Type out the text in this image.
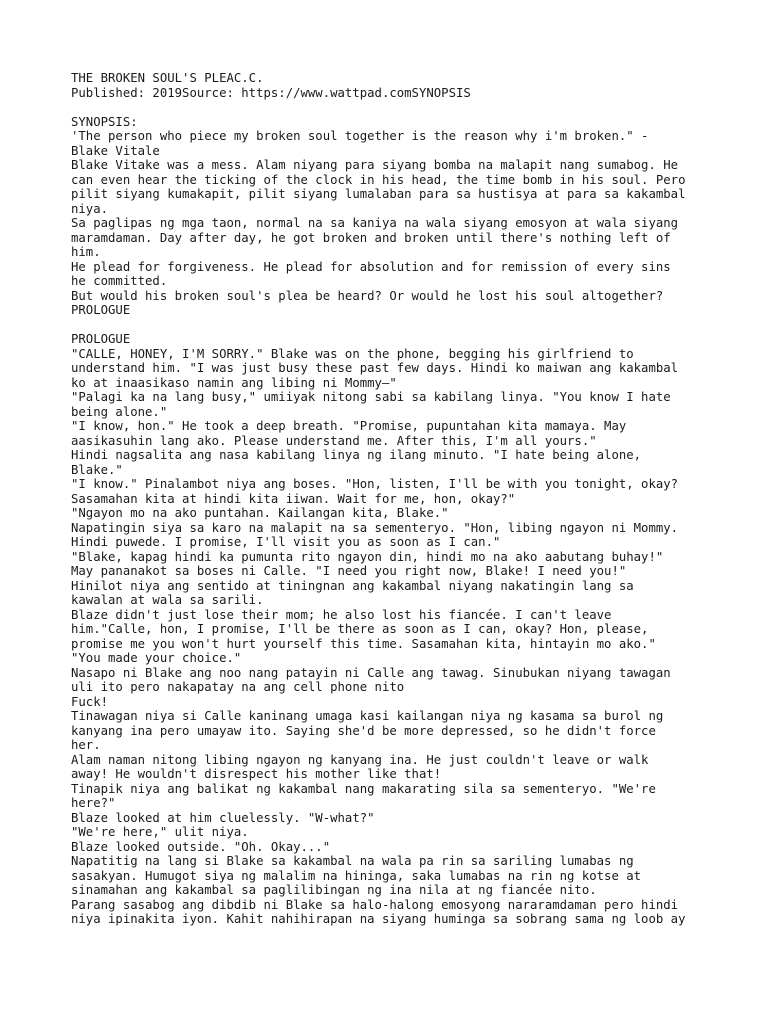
THE BROKEN SOUL'S PLEAC.C.
Published: 2019Source: https://www.wattpad.comSYNOPSIS

SYNOPSIS:
'The person who piece my broken soul together is the reason why i'm broken." -
Blake Vitale
Blake Vitake was a mess. Alam niyang para siyang bomba na malapit nang sumabog. He
can even hear the ticking of the clock in his head, the time bomb in his soul. Pero
pilit siyang kumakapit, pilit siyang lumalaban para sa hustisya at para sa kakambal
niya.
Sa paglipas ng mga taon, normal na sa kaniya na wala siyang emosyon at wala siyang
maramdaman. Day after day, he got broken and broken until there's nothing left of
him.
He plead for forgiveness. He plead for absolution and for remission of every sins
he committed.
But would his broken soul's plea be heard? Or would he lost his soul altogether?
PROLOGUE

PROLOGUE
"CALLE, HONEY, I'M SORRY." Blake was on the phone, begging his girlfriend to
understand him. "I was just busy these past few days. Hindi ko maiwan ang kakambal
ko at inaasikaso namin ang libing ni Mommy—"
"Palagi ka na lang busy," umiiyak nitong sabi sa kabilang linya. "You know I hate
being alone."
"I know, hon." He took a deep breath. "Promise, pupuntahan kita mamaya. May
aasikasuhin lang ako. Please understand me. After this, I'm all yours."
Hindi nagsalita ang nasa kabilang linya ng ilang minuto. "I hate being alone,
Blake."
"I know." Pinalambot niya ang boses. "Hon, listen, I'll be with you tonight, okay?
Sasamahan kita at hindi kita iiwan. Wait for me, hon, okay?"
"Ngayon mo na ako puntahan. Kailangan kita, Blake."
Napatingin siya sa karo na malapit na sa sementeryo. "Hon, libing ngayon ni Mommy.
Hindi puwede. I promise, I'll visit you as soon as I can."
"Blake, kapag hindi ka pumunta rito ngayon din, hindi mo na ako aabutang buhay!"
May pananakot sa boses ni Calle. "I need you right now, Blake! I need you!"
Hinilot niya ang sentido at tiningnan ang kakambal niyang nakatingin lang sa
kawalan at wala sa sarili.
Blaze didn't just lose their mom; he also lost his fiancée. I can't leave
him."Calle, hon, I promise, I'll be there as soon as I can, okay? Hon, please,
promise me you won't hurt yourself this time. Sasamahan kita, hintayin mo ako."
"You made your choice."
Nasapo ni Blake ang noo nang patayin ni Calle ang tawag. Sinubukan niyang tawagan
uli ito pero nakapatay na ang cell phone nito
Fuck!
Tinawagan niya si Calle kaninang umaga kasi kailangan niya ng kasama sa burol ng
kanyang ina pero umayaw ito. Saying she'd be more depressed, so he didn't force
her.
Alam naman nitong libing ngayon ng kanyang ina. He just couldn't leave or walk
away! He wouldn't disrespect his mother like that!
Tinapik niya ang balikat ng kakambal nang makarating sila sa sementeryo. "We're
here?"
Blaze looked at him cluelessly. "W-what?"
"We're here," ulit niya.
Blaze looked outside. "Oh. Okay..."
Napatitig na lang si Blake sa kakambal na wala pa rin sa sariling lumabas ng
sasakyan. Humugot siya ng malalim na hininga, saka lumabas na rin ng kotse at
sinamahan ang kakambal sa paglilibingan ng ina nila at ng fiancée nito.
Parang sasabog ang dibdib ni Blake sa halo-halong emosyong nararamdaman pero hindi
niya ipinakita iyon. Kahit nahihirapan na siyang huminga sa sobrang sama ng loob ay
